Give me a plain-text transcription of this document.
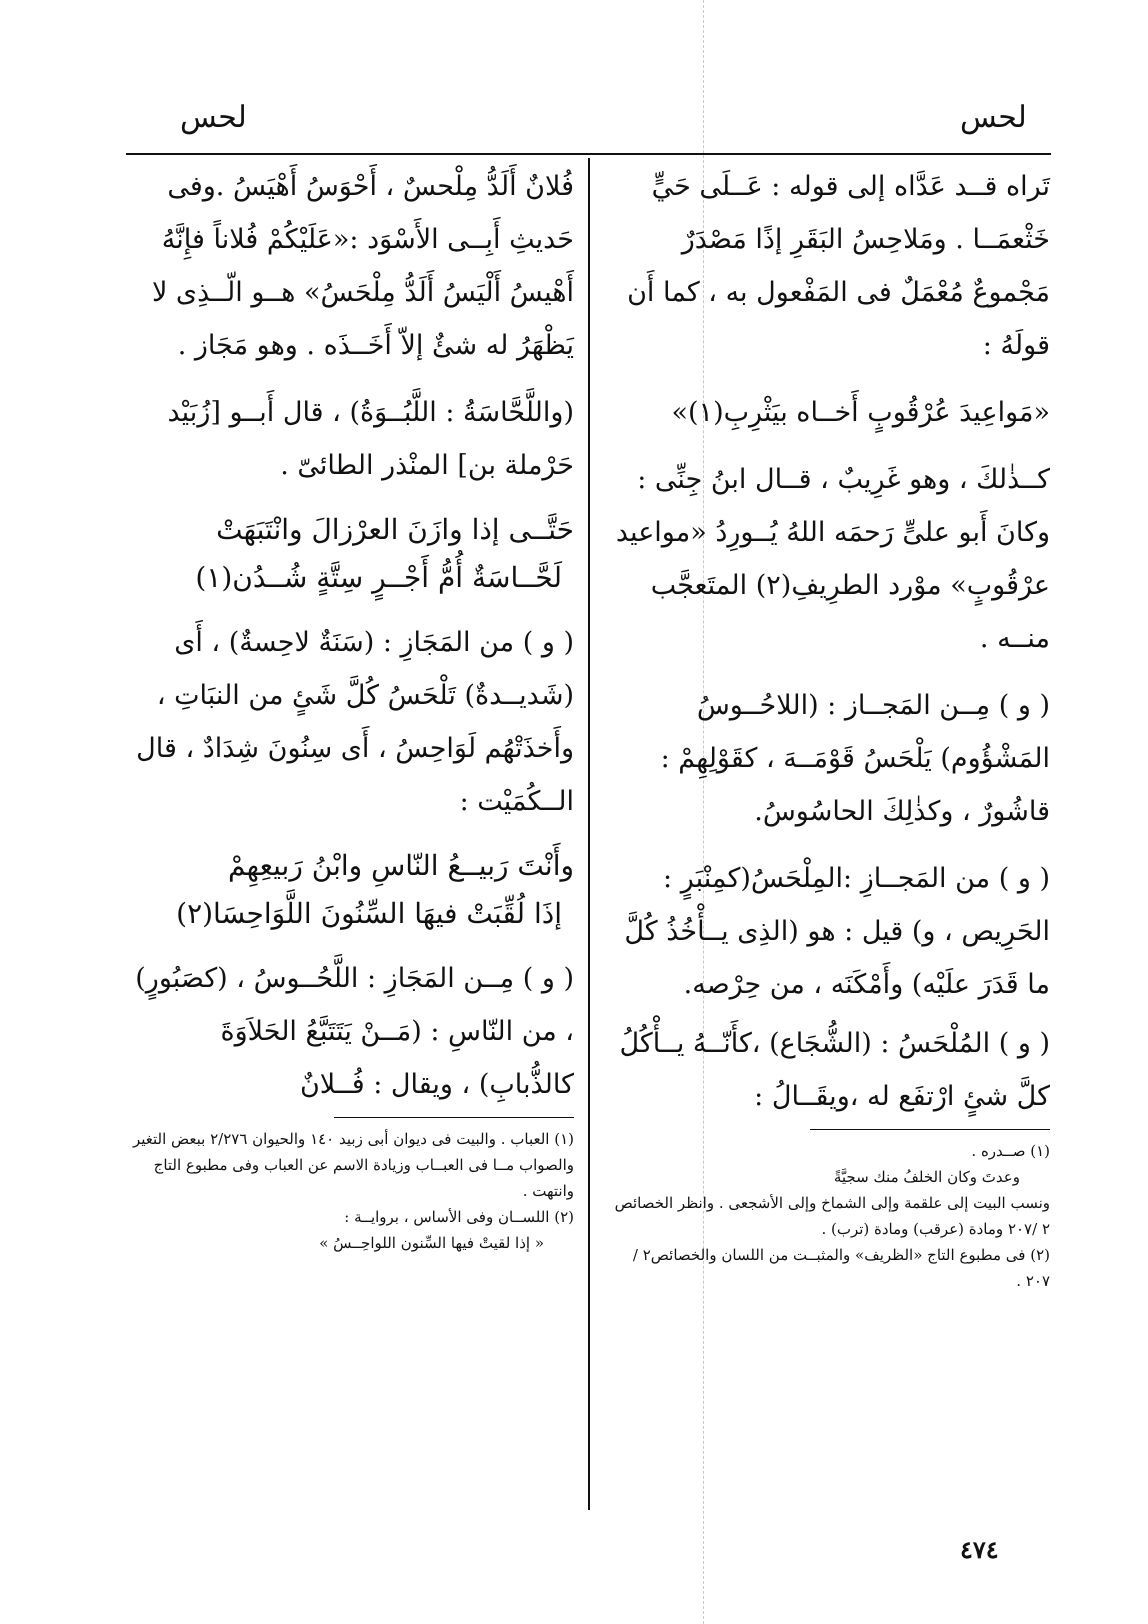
لحس
لحس

تَراه قــد عَدَّاه إلى قوله : عَــلَى حَيٍّ خَثْعمَــا . ومَلاحِسُ البَقَرِ إذًا مَصْدَرٌ مَجْموعٌ مُعْمَلٌ فى المَفْعول به ، كما أَن قولَهُ :

«مَواعِيدَ عُرْقُوبٍ أَخــاه بيَثْرِبِ(١)»

كــذٰلكَ ، وهو غَرِيبٌ ، قــال ابنُ جِنِّى : وكانَ أَبو علىٍّ رَحمَه اللهُ يُــورِدُ «مواعيد عرْقُوبٍ» موْرد الطرِيفِ(٢) المتَعجَّب منــه .

( و ) مِــن المَجــاز : (اللاحُــوسُ المَشْؤُوم) يَلْحَسُ قَوْمَــهَ ، كقَوْلِهِمْ : قاشُورٌ ، وكذٰلِكَ الحاسُوسُ.

( و ) من المَجــازِ :المِلْحَسُ(كمِنْبَرٍ : الحَرِيص ، و) قيل : هو (الذِى يــأْخُذُ كُلَّ ما قَدَرَ علَيْه) وأَمْكَنَه ، من حِرْصه.

( و ) المُلْحَسُ : (الشُّجَاع) ،كأَنّــهُ يــأْكُلُ كلَّ شئٍ ارْتفَع له ،ويقَــالُ :

(١) صــدره .

وعدتَ وكان الخلفُ منك سجيَّةً

ونسب البيت إلى علقمة وإلى الشماخ وإلى الأشجعى . وانظر الخصائص ٢ /٢٠٧ ومادة (عرقب) ومادة (ترب) .

(٢) فى مطبوع التاج «الظريف» والمثبــت من اللسان والخصائص٢ /٢٠٧ .

فُلانٌ أَلَدُّ مِلْحسٌ ، أَحْوَسُ أَهْيَسُ .وفى حَديثِ أَبِــى الأَسْوَد :«عَلَيْكُمْ فُلاناً فإِنَّهُ أَهْيسُ أَلْيَسُ أَلَدُّ مِلْحَسُ» هــو الّــذِى لا يَظْهَرُ له شئٌ إلاّ أَخَــذَه . وهو مَجَاز .

(واللَّحَّاسَةُ : اللَّبُــوَةُ) ، قال أَبــو [زُبَيْد حَرْملة بن] المنْذر الطائىّ .

حَتَّــى إذا وازَنَ العرْزالَ وانْتَبَهَتْ

لَحَّــاسَةٌ أُمُّ أَجْــرٍ سِتَّةٍ شُــدُن(١)

( و ) من المَجَازِ : (سَنَةٌ لاحِسةٌ) ، أَى (شَديــدةٌ) تَلْحَسُ كُلَّ شَئٍ من النبَاتِ ، وأَخذَتْهُم لَوَاحِسُ ، أَى سِنُونَ شِدَادٌ ، قال الــكُمَيْت :

وأَنْتَ رَبيــعُ النّاسِ وابْنُ رَبيعِهِمْ

إذَا لُقِّبَتْ فيهَا السِّنُونَ اللَّوَاحِسَا(٢)

( و ) مِــن المَجَازِ : اللَّحُــوسُ ، (كصَبُورٍ) ، من النّاسِ : (مَــنْ يَتَتَبَّعُ الحَلاَوَةَ كالذُّبابِ) ، ويقال : فُــلانٌ

(١) العباب . والبيت فى ديوان أبى زبيد ١٤٠ والحيوان ٢/٢٧٦ ببعض التغير والصواب مــا فى العبــاب وزيادة الاسم عن العباب وفى مطبوع التاج وانتهت .

(٢) اللســان وفى الأساس ، بروايــة :

« إذا لقيتْ فيها السِّنون اللواحِــسُ »

٤٧٤
